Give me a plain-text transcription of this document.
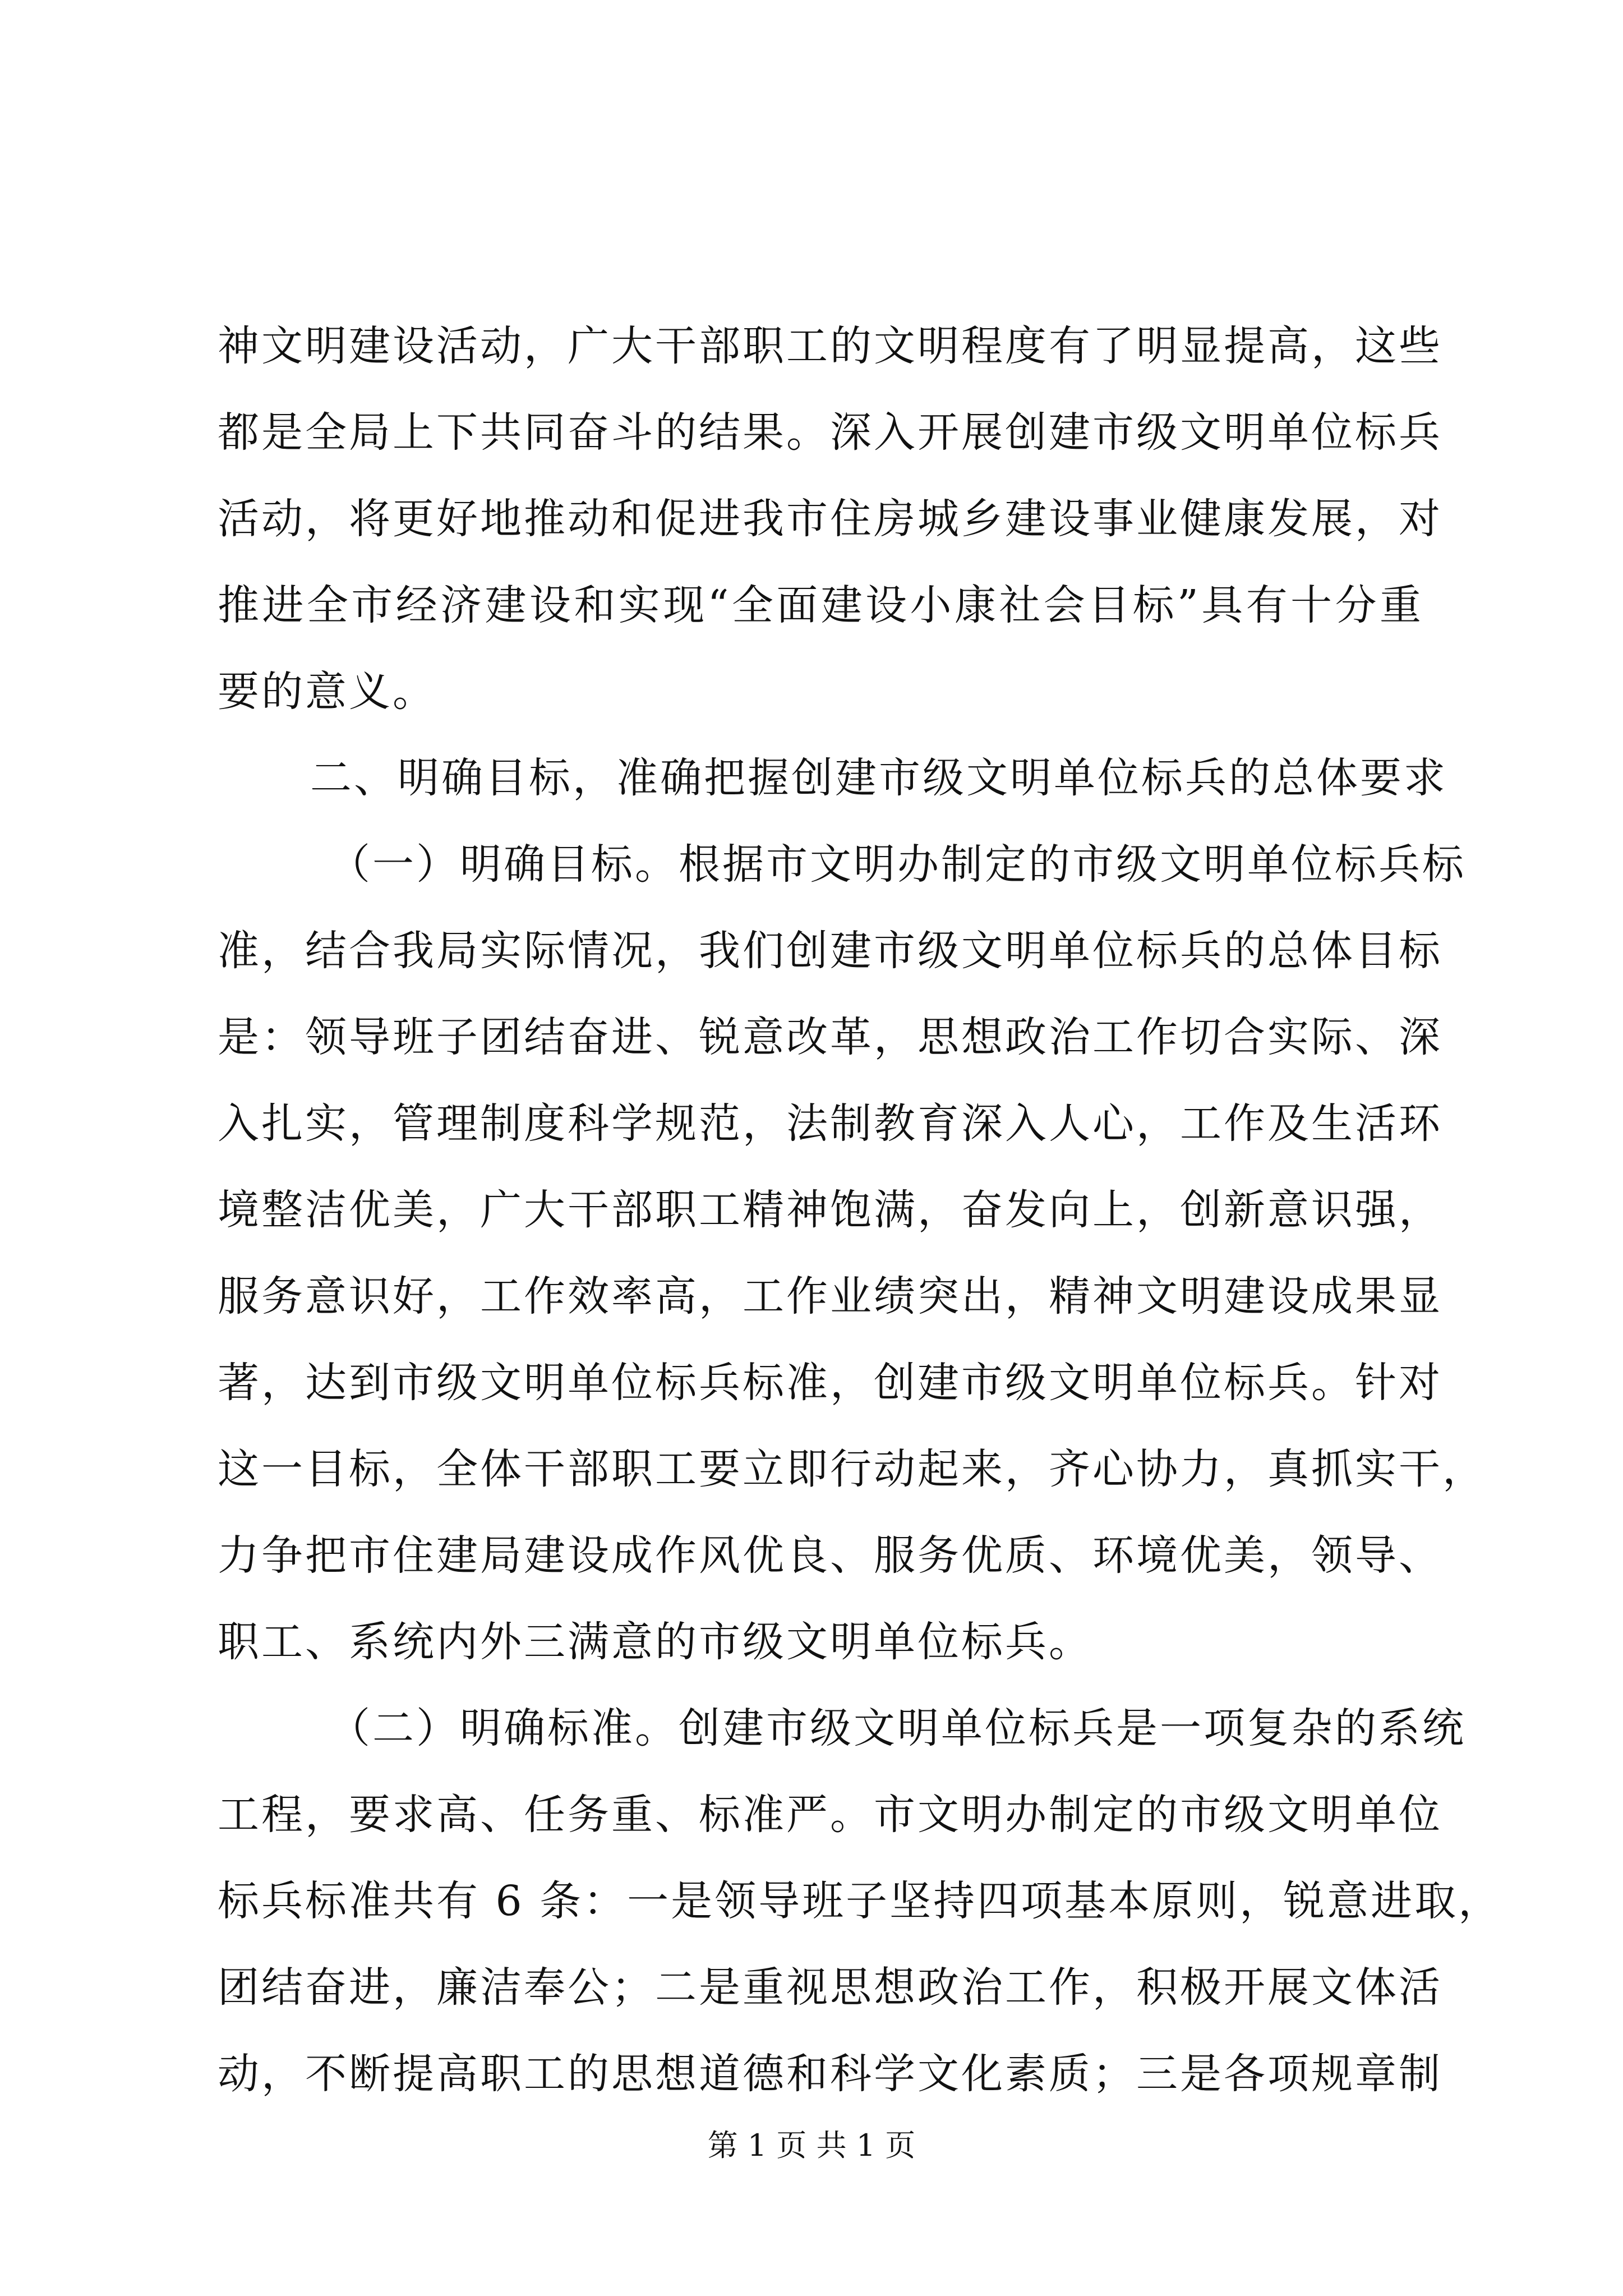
神文明建设活动，广大干部职工的文明程度有了明显提高，这些
都是全局上下共同奋斗的结果。深入开展创建市级文明单位标兵
活动，将更好地推动和促进我市住房城乡建设事业健康发展，对
推进全市经济建设和实现“全面建设小康社会目标”具有十分重
要的意义。
二、明确目标，准确把握创建市级文明单位标兵的总体要求
（一）明确目标。根据市文明办制定的市级文明单位标兵标
准，结合我局实际情况，我们创建市级文明单位标兵的总体目标
是：领导班子团结奋进、锐意改革，思想政治工作切合实际、深
入扎实，管理制度科学规范，法制教育深入人心，工作及生活环
境整洁优美，广大干部职工精神饱满，奋发向上，创新意识强，
服务意识好，工作效率高，工作业绩突出，精神文明建设成果显
著，达到市级文明单位标兵标准，创建市级文明单位标兵。针对
这一目标，全体干部职工要立即行动起来，齐心协力，真抓实干，
力争把市住建局建设成作风优良、服务优质、环境优美，领导、
职工、系统内外三满意的市级文明单位标兵。
（二）明确标准。创建市级文明单位标兵是一项复杂的系统
工程，要求高、任务重、标准严。市文明办制定的市级文明单位
标兵标准共有 6 条：一是领导班子坚持四项基本原则，锐意进取，
团结奋进，廉洁奉公；二是重视思想政治工作，积极开展文体活
动，不断提高职工的思想道德和科学文化素质；三是各项规章制
第 1 页 共 1 页
